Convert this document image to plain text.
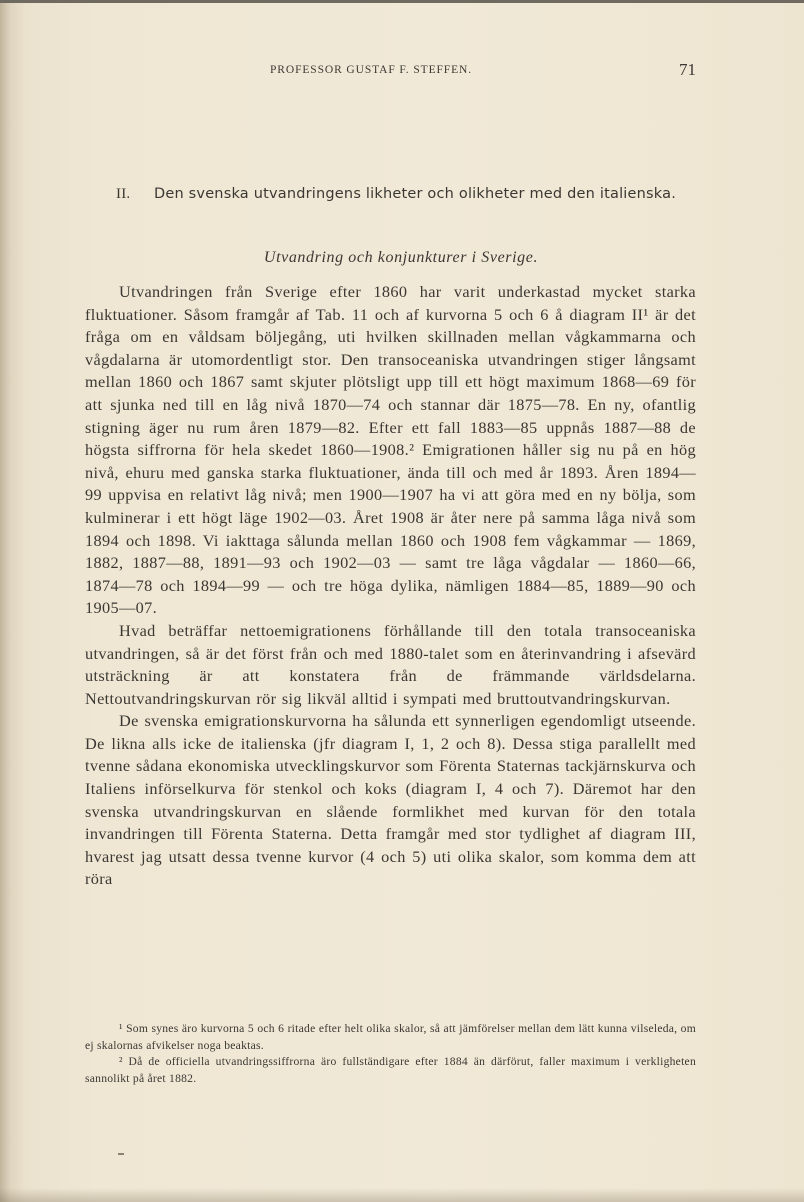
PROFESSOR GUSTAF F. STEFFEN.	71
II.	Den svenska utvandringens likheter och olikheter med den italienska.
Utvandring och konjunkturer i Sverige.

Utvandringen från Sverige efter 1860 har varit underkastad mycket starka fluktuationer. Såsom framgår af Tab. 11 och af kurvorna 5 och 6 å diagram II¹ är det fråga om en våldsam böljegång, uti hvilken skillnaden mellan vågkammarna och vågdalarna är utomordentligt stor. Den transoceaniska utvandringen stiger långsamt mellan 1860 och 1867 samt skjuter plötsligt upp till ett högt maximum 1868—69 för att sjunka ned till en låg nivå 1870—74 och stannar där 1875—78. En ny, ofantlig stigning äger nu rum åren 1879—82. Efter ett fall 1883—85 uppnås 1887—88 de högsta siffrorna för hela skedet 1860—1908.² Emigrationen håller sig nu på en hög nivå, ehuru med ganska starka fluktuationer, ända till och med år 1893. Åren 1894—99 uppvisa en relativt låg nivå; men 1900—1907 ha vi att göra med en ny bölja, som kulminerar i ett högt läge 1902—03. Året 1908 är åter nere på samma låga nivå som 1894 och 1898. Vi iakttaga sålunda mellan 1860 och 1908 fem vågkammar — 1869, 1882, 1887—88, 1891—93 och 1902—03 — samt tre låga vågdalar — 1860—66, 1874—78 och 1894—99 — och tre höga dylika, nämligen 1884—85, 1889—90 och 1905—07.

Hvad beträffar nettoemigrationens förhållande till den totala transoceaniska utvandringen, så är det först från och med 1880-talet som en återinvandring i afsevärd utsträckning är att konstatera från de främmande världsdelarna. Nettoutvandringskurvan rör sig likväl alltid i sympati med bruttoutvandringskurvan.

De svenska emigrationskurvorna ha sålunda ett synnerligen egendomligt utseende. De likna alls icke de italienska (jfr diagram I, 1, 2 och 8). Dessa stiga parallellt med tvenne sådana ekonomiska utvecklingskurvor som Förenta Staternas tackjärnskurva och Italiens införselkurva för stenkol och koks (diagram I, 4 och 7). Däremot har den svenska utvandringskurvan en slående formlikhet med kurvan för den totala invandringen till Förenta Staterna. Detta framgår med stor tydlighet af diagram III, hvarest jag utsatt dessa tvenne kurvor (4 och 5) uti olika skalor, som komma dem att röra

¹ Som synes äro kurvorna 5 och 6 ritade efter helt olika skalor, så att jämförelser mellan dem lätt kunna vilseleda, om ej skalornas afvikelser noga beaktas.

² Då de officiella utvandringssiffrorna äro fullständigare efter 1884 än därförut, faller maximum i verkligheten sannolikt på året 1882.
